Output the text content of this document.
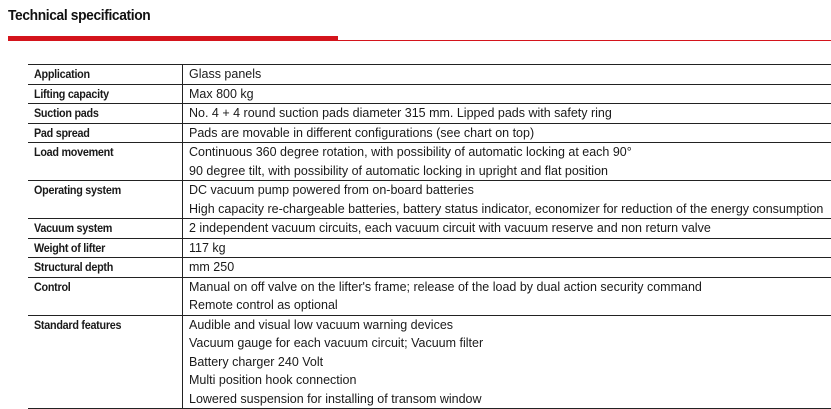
Technical specification
Application	Glass panels

Lifting capacity	Max 800 kg

Suction pads	No. 4 + 4 round suction pads diameter 315 mm. Lipped pads with safety ring

Pad spread	Pads are movable in different configurations (see chart on top)

Load movement	Continuous 360 degree rotation, with possibility of automatic locking at each 90°
90 degree tilt, with possibility of automatic locking in upright and flat position

Operating system	DC vacuum pump powered from on-board batteries
High capacity re-chargeable batteries, battery status indicator, economizer for reduction of the energy consumption

Vacuum system	2 independent vacuum circuits, each vacuum circuit with vacuum reserve and non return valve

Weight of lifter	117 kg

Structural depth	mm 250

Control	Manual on off valve on the lifter's frame; release of the load by dual action security command
Remote control as optional

Standard features	Audible and visual low vacuum warning devices
Vacuum gauge for each vacuum circuit; Vacuum filter
Battery charger 240 Volt
Multi position hook connection
Lowered suspension for installing of transom window
